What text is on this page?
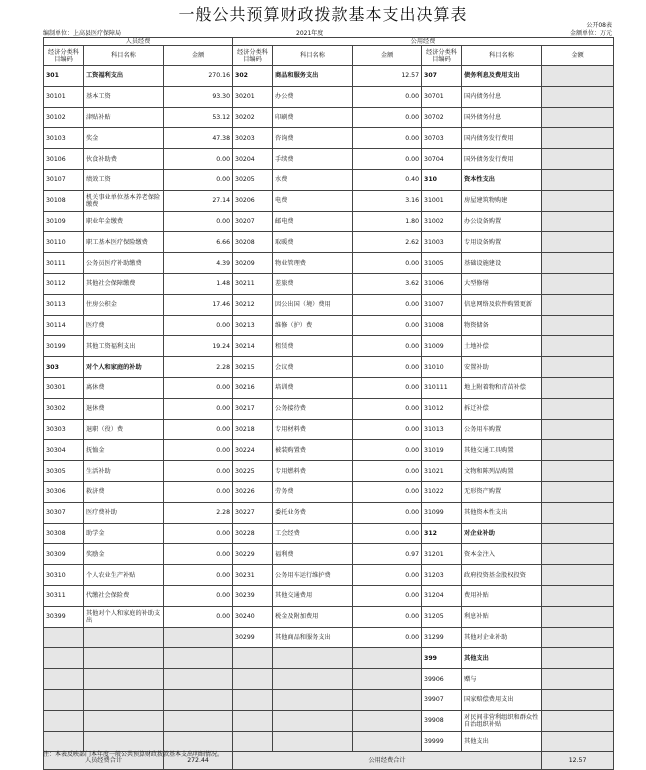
一般公共预算财政拨款基本支出决算表
公开08表
编制单位：上高县医疗保障局	2021年度	金额单位：万元
人员经费			公用经费					
经济分类科目编码	科目名称	金额	经济分类科目编码	科目名称	金额	经济分类科目编码	科目名称	金额
301	工资福利支出	270.16	302	商品和服务支出	12.57	307	债务利息及费用支出	
30101	基本工资	93.30	30201	办公费	0.00	30701	国内债务付息	
30102	津贴补贴	53.12	30202	印刷费	0.00	30702	国外债务付息	
30103	奖金	47.38	30203	咨询费	0.00	30703	国内债务发行费用	
30106	伙食补助费	0.00	30204	手续费	0.00	30704	国外债务发行费用	
30107	绩效工资	0.00	30205	水费	0.40	310	资本性支出	
30108	机关事业单位基本养老保险缴费	27.14	30206	电费	3.16	31001	房屋建筑物购建	
30109	职业年金缴费	0.00	30207	邮电费	1.80	31002	办公设备购置	
30110	职工基本医疗保险缴费	6.66	30208	取暖费	2.62	31003	专用设备购置	
30111	公务员医疗补助缴费	4.39	30209	物业管理费	0.00	31005	基础设施建设	
30112	其他社会保障缴费	1.48	30211	差旅费	3.62	31006	大型修缮	
30113	住房公积金	17.46	30212	因公出国（境）费用	0.00	31007	信息网络及软件购置更新	
30114	医疗费	0.00	30213	维修（护）费	0.00	31008	物资储备	
30199	其他工资福利支出	19.24	30214	租赁费	0.00	31009	土地补偿	
303	对个人和家庭的补助	2.28	30215	会议费	0.00	31010	安置补助	
30301	离休费	0.00	30216	培训费	0.00	310111	地上附着物和青苗补偿	
30302	退休费	0.00	30217	公务接待费	0.00	31012	拆迁补偿	
30303	退职（役）费	0.00	30218	专用材料费	0.00	31013	公务用车购置	
30304	抚恤金	0.00	30224	被装购置费	0.00	31019	其他交通工具购置	
30305	生活补助	0.00	30225	专用燃料费	0.00	31021	文物和陈列品购置	
30306	救济费	0.00	30226	劳务费	0.00	31022	无形资产购置	
30307	医疗费补助	2.28	30227	委托业务费	0.00	31099	其他资本性支出	
30308	助学金	0.00	30228	工会经费	0.00	312	对企业补助	
30309	奖励金	0.00	30229	福利费	0.97	31201	资本金注入	
30310	个人农业生产补贴	0.00	30231	公务用车运行维护费	0.00	31203	政府投资基金股权投资	
30311	代缴社会保险费	0.00	30239	其他交通费用	0.00	31204	费用补贴	
30399	其他对个人和家庭的补助支出	0.00	30240	税金及附加费用	0.00	31205	利息补贴	
			30299	其他商品和服务支出	0.00	31299	其他对企业补助	
						399	其他支出	
						39906	赠与	
						39907	国家赔偿费用支出	
						39908	对民间非营利组织和群众性自治组织补贴	
						39999	其他支出	
人员经费合计		272.44	公用经费合计					12.57
注：本表反映部门本年度一般公共预算财政拨款基本支出明细情况。
